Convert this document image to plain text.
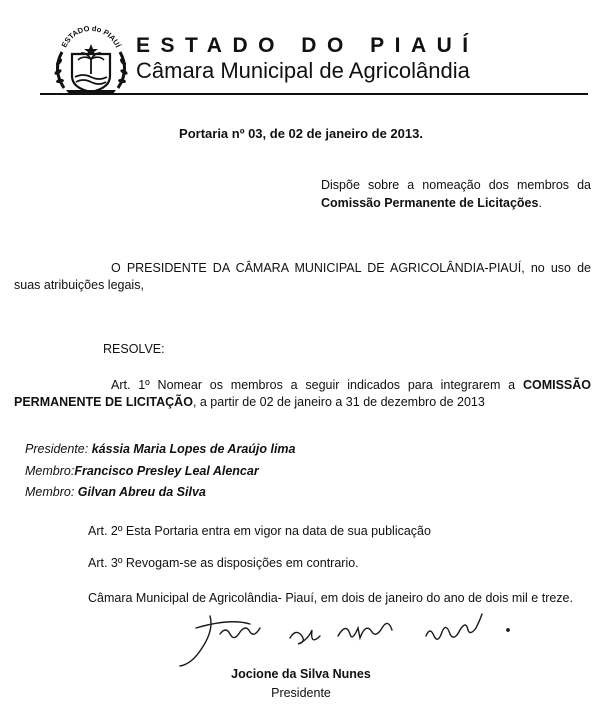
ESTADO do PIAUÍ ESTADO DO PIAUÍ
Câmara Municipal de Agricolândia
Portaria nº 03, de 02 de janeiro de 2013.
Dispõe sobre a nomeação dos membros da Comissão Permanente de Licitações.
O PRESIDENTE DA CÂMARA MUNICIPAL DE AGRICOLÂNDIA-PIAUÍ, no uso de suas atribuições legais,
RESOLVE:
Art. 1º Nomear os membros a seguir indicados para integrarem a COMISSÃO PERMANENTE DE LICITAÇÃO, a partir de 02 de janeiro a 31 de dezembro de 2013
Presidente: kássia Maria Lopes de Araújo lima
Membro:Francisco Presley Leal Alencar
Membro: Gilvan Abreu da Silva
Art. 2º Esta Portaria entra em vigor na data de sua publicação
Art. 3º Revogam-se as disposições em contrario.
Câmara Municipal de Agricolândia- Piauí, em dois de janeiro do ano de dois mil e treze.
Jocione da Silva Nunes
Presidente
